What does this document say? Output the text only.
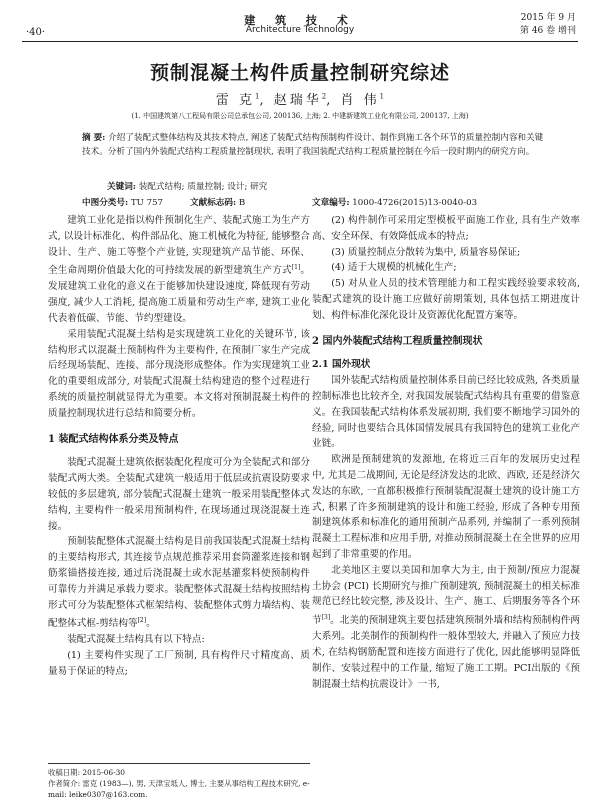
·40·
建 筑 技 术
Architecture Technology
2015 年 9 月
第 46 卷 增刊
预制混凝土构件质量控制研究综述
雷 克$^1$, 赵瑞华$^2$, 肖 伟$^1$
(1. 中国建筑第八工程局有限公司总承包公司, 200136, 上海; 2. 中建新建筑工业化有限公司, 200137, 上海)
摘 要: 介绍了装配式整体结构及其技术特点, 阐述了装配式结构预制构件设计、制作到施工各个环节的质量控制内容和关键技术。分析了国内外装配式结构工程质量控制现状, 表明了我国装配式结构工程质量控制在今后一段时期内的研究方向。
关键词: 装配式结构; 质量控制; 设计; 研究
中图分类号: TU 757	文献标志码: B	文章编号: 1000-4726(2015)13-0040-03

建筑工业化是指以构件预制化生产、装配式施工为生产方式, 以设计标准化、构件部品化、施工机械化为特征, 能够整合设计、生产、施工等整个产业链, 实现建筑产品节能、环保、全生命周期价值最大化的可持续发展的新型建筑生产方式[1]。发展建筑工业化的意义在于能够加快建设速度, 降低现有劳动强度, 减少人工消耗, 提高施工质量和劳动生产率, 建筑工业化代表着低碳、节能、节约型建设。

采用装配式混凝土结构是实现建筑工业化的关键环节, 该结构形式以混凝土预制构件为主要构件, 在预制厂家生产完成后经现场装配、连接、部分现浇形成整体。作为实现建筑工业化的重要组成部分, 对装配式混凝土结构建造的整个过程进行系统的质量控制就显得尤为重要。本文将对预制混凝土构件的质量控制现状进行总结和简要分析。

1 装配式结构体系分类及特点

装配式混凝土建筑依据装配化程度可分为全装配式和部分装配式两大类。全装配式建筑一般适用于低层或抗震设防要求较低的多层建筑, 部分装配式混凝土建筑一般采用装配整体式结构, 主要构件一般采用预制构件, 在现场通过现浇混凝土连接。

预制装配整体式混凝土结构是目前我国装配式混凝土结构的主要结构形式, 其连接节点规范推荐采用套筒灌浆连接和钢筋浆锚搭接连接, 通过后浇混凝土或水泥基灌浆料使预制构件可靠传力并满足承载力要求。装配整体式混凝土结构按照结构形式可分为装配整体式框架结构、装配整体式剪力墙结构、装配整体式框-剪结构等[2]。

装配式混凝土结构具有以下特点:

(1) 主要构件实现了工厂预制, 具有构件尺寸精度高、质量易于保证的特点;

(2) 构件制作可采用定型模板平面施工作业, 具有生产效率高、安全环保、有效降低成本的特点;

(3) 质量控制点分散转为集中, 质量容易保证;

(4) 适于大规模的机械化生产;

(5) 对从业人员的技术管理能力和工程实践经验要求较高, 装配式建筑的设计施工应做好前期策划, 具体包括工期进度计划、构件标准化深化设计及资源优化配置方案等。

2 国内外装配式结构工程质量控制现状

2.1 国外现状

国外装配式结构质量控制体系目前已经比较成熟, 各类质量控制标准也比较齐全, 对我国发展装配式结构具有重要的借鉴意义。在我国装配式结构体系发展初期, 我们要不断地学习国外的经验, 同时也要结合具体国情发展具有我国特色的建筑工业化产业链。

欧洲是预制建筑的发源地, 在将近三百年的发展历史过程中, 尤其是二战期间, 无论是经济发达的北欧、西欧, 还是经济欠发达的东欧, 一直都积极推行预制装配混凝土建筑的设计施工方式, 积累了许多预制建筑的设计和施工经验, 形成了各种专用预制建筑体系和标准化的通用预制产品系列, 并编制了一系列预制混凝土工程标准和应用手册, 对推动预制混凝土在全世界的应用起到了非常重要的作用。

北美地区主要以美国和加拿大为主, 由于预制/预应力混凝土协会 (PCI) 长期研究与推广预制建筑, 预制混凝土的相关标准规范已经比较完整, 涉及设计、生产、施工、后期服务等各个环节[3]。北美的预制建筑主要包括建筑预制外墙和结构预制构件两大系列。北美制作的预制构件一般体型较大, 并融入了预应力技术, 在结构钢筋配置和连接方面进行了优化, 因此能够明显降低制作、安装过程中的工作量, 缩短了施工工期。PCI出版的《预制混凝土结构抗震设计》一书,

收稿日期: 2015-06-30
作者简介: 雷克 (1983—), 男, 天津宝坻人, 博士, 主要从事结构工程技术研究, e-mail: leike0307@163.com.
